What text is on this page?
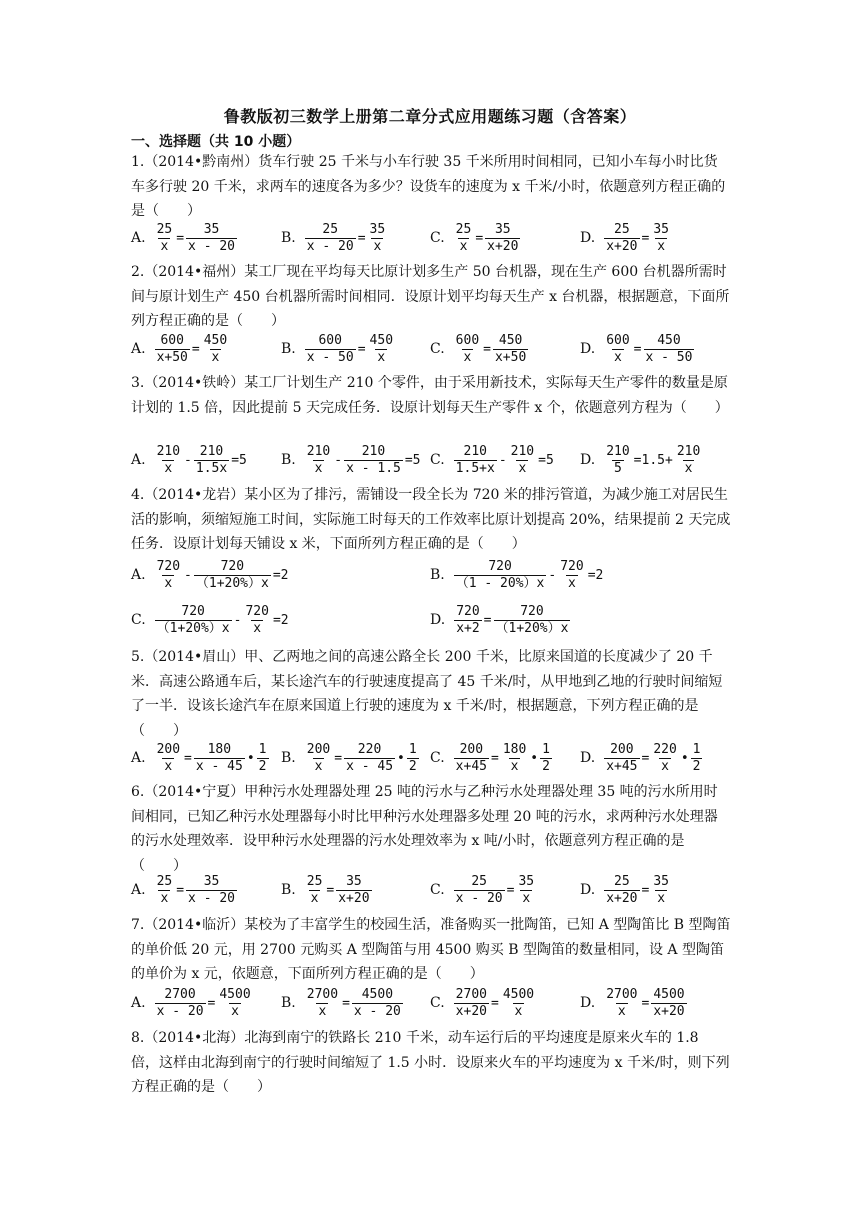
鲁教版初三数学上册第二章分式应用题练习题（含答案）
一、选择题（共 10 小题）
1.（2014•黔南州）货车行驶 25 千米与小车行驶 35 千米所用时间相同，已知小车每小时比货车多行驶 20 千米，求两车的速度各为多少？设货车的速度为 x 千米/小时，依题意列方程正确的是（　　）
A. $\frac{25}{x} = \frac{35}{x - 20}$	B. $\frac{25}{x - 20} = \frac{35}{x}$	C. $\frac{25}{x} = \frac{35}{x+20}$	D. $\frac{25}{x+20} = \frac{35}{x}$
2.（2014•福州）某工厂现在平均每天比原计划多生产 50 台机器，现在生产 600 台机器所需时间与原计划生产 450 台机器所需时间相同．设原计划平均每天生产 x 台机器，根据题意，下面所列方程正确的是（　　）
A. $\frac{600}{x+50} = \frac{450}{x}$	B. $\frac{600}{x - 50} = \frac{450}{x} C$. $\frac{600}{x} = \frac{450}{x+50}$	D. $\frac{600}{x} = \frac{450}{x - 50}$
3.（2014•铁岭）某工厂计划生产 210 个零件，由于采用新技术，实际每天生产零件的数量是原计划的 1.5 倍，因此提前 5 天完成任务．设原计划每天生产零件 x 个，依题意列方程为（　　）
A. $\frac{210}{x} - \frac{210}{1.5x} =5$ B. $\frac{210}{x} - \frac{210}{x - 1.5} =5$ C. $\frac{210}{1.5+x} - \frac{210}{x} =5$ D. $\frac{210}{5} =1.5+ \frac{210}{x}$
4.（2014•龙岩）某小区为了排污，需铺设一段全长为 720 米的排污管道，为减少施工对居民生活的影响，须缩短施工时间，实际施工时每天的工作效率比原计划提高 20%，结果提前 2 天完成任务．设原计划每天铺设 x 米，下面所列方程正确的是（　　）
A. $\frac{720}{x} - \frac{720}{(1+20\%)x} =2$	B. $\frac{720}{(1 - 20\%)x} - \frac{720}{x} =2$
C. $\frac{720}{(1+20\%)x} - \frac{720}{x} =2$	D. $\frac{720}{x+2} = \frac{720}{(1+20\%)x}$
5.（2014•眉山）甲、乙两地之间的高速公路全长 200 千米，比原来国道的长度减少了 20 千米．高速公路通车后，某长途汽车的行驶速度提高了 45 千米/时，从甲地到乙地的行驶时间缩短了一半．设该长途汽车在原来国道上行驶的速度为 x 千米/时，根据题意，下列方程正确的是（　　）
A. $\frac{200}{x} = \frac{180}{x - 45}$ • $\frac{1}{2} B$. $\frac{200}{x} = \frac{220}{x - 45}$ • $\frac{1}{2} C$. $\frac{200}{x+45} = \frac{180}{x}$ • $\frac{1}{2} D$. $\frac{200}{x+45} = \frac{220}{x}$ • $\frac{1}{2}$
6.（2014•宁夏）甲种污水处理器处理 25 吨的污水与乙种污水处理器处理 35 吨的污水所用时间相同，已知乙种污水处理器每小时比甲种污水处理器多处理 20 吨的污水，求两种污水处理器的污水处理效率．设甲种污水处理器的污水处理效率为 x 吨/小时，依题意列方程正确的是（　　）
A. $\frac{25}{x} = \frac{35}{x - 20}$	B. $\frac{25}{x} = \frac{35}{x+20}$	C. $\frac{25}{x - 20} = \frac{35}{x}$	D. $\frac{25}{x+20} = \frac{35}{x}$
7.（2014•临沂）某校为了丰富学生的校园生活，准备购买一批陶笛，已知 A 型陶笛比 B 型陶笛的单价低 20 元，用 2700 元购买 A 型陶笛与用 4500 购买 B 型陶笛的数量相同，设 A 型陶笛的单价为 x 元，依题意，下面所列方程正确的是（　　）
A. $\frac{2700}{x - 20} = \frac{4500}{x} B$. $\frac{2700}{x} = \frac{4500}{x - 20} C$. $\frac{2700}{x+20} = \frac{4500}{x}$	D. $\frac{2700}{x} = \frac{4500}{x+20}$
8.（2014•北海）北海到南宁的铁路长 210 千米，动车运行后的平均速度是原来火车的 1.8 倍，这样由北海到南宁的行驶时间缩短了 1.5 小时．设原来火车的平均速度为 x 千米/时，则下列方程正确的是（　　）
